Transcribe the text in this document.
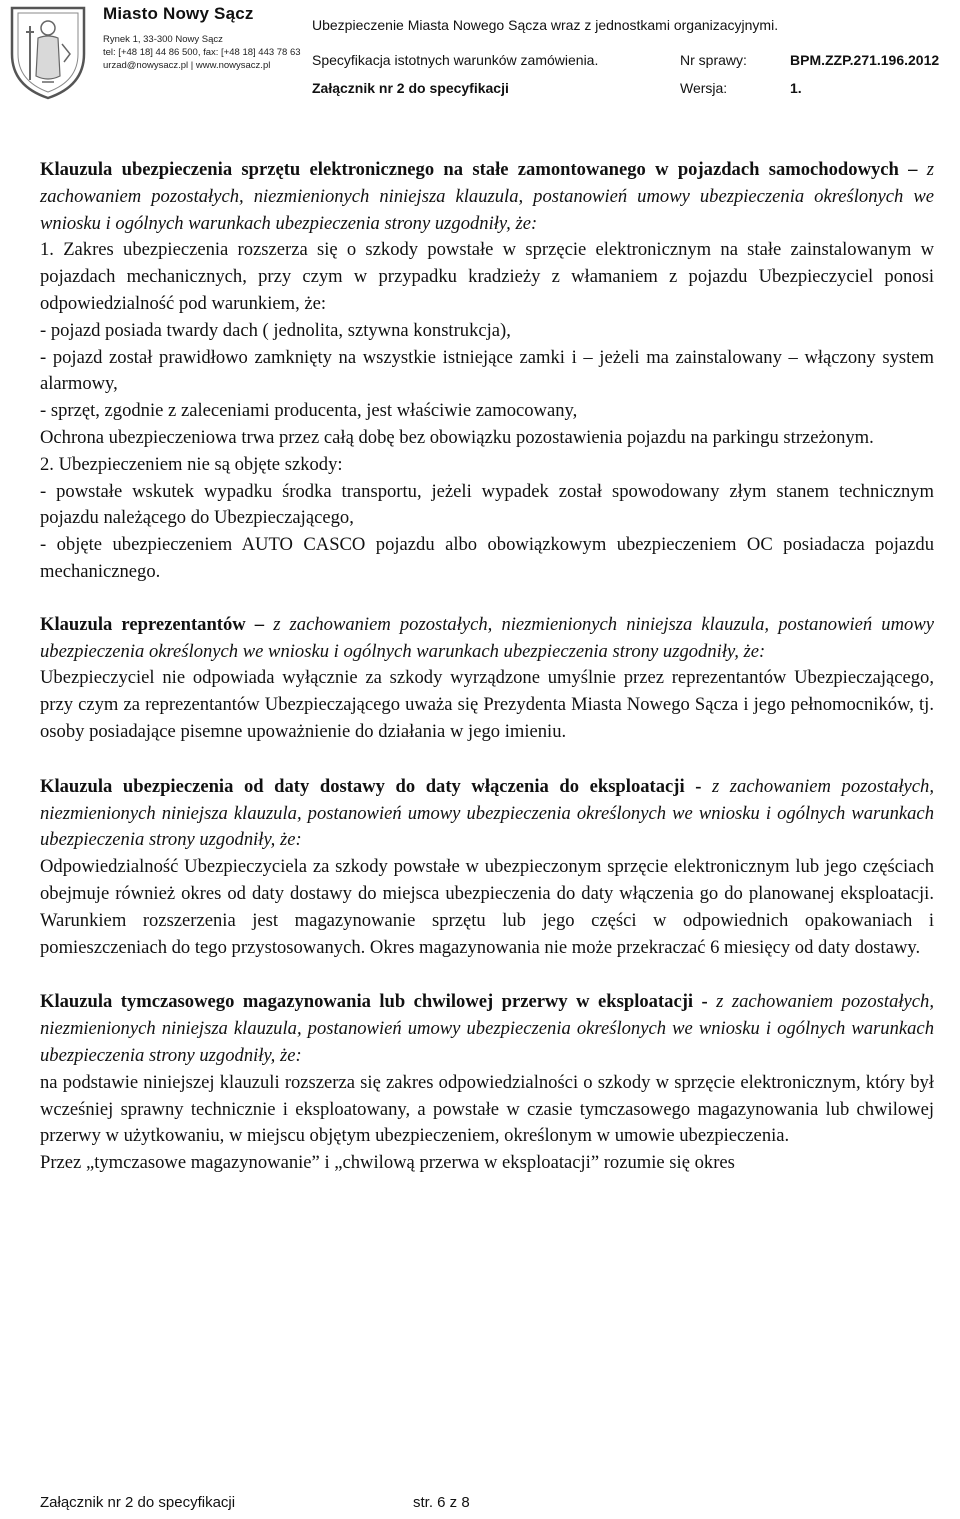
Miasto Nowy Sącz
Rynek 1, 33-300 Nowy Sącz
tel: [+48 18] 44 86 500, fax: [+48 18] 443 78 63
urzad@nowysacz.pl | www.nowysacz.pl
Ubezpieczenie Miasta Nowego Sącza wraz z jednostkami organizacyjnymi.
Specyfikacja istotnych warunków zamówienia.	Nr sprawy:	BPM.ZZP.271.196.2012
Załącznik nr 2 do specyfikacji	Wersja:	1.

Klauzula ubezpieczenia sprzętu elektronicznego na stałe zamontowanego w pojazdach samochodowych – z zachowaniem pozostałych, niezmienionych niniejsza klauzula, postanowień umowy ubezpieczenia określonych we wniosku i ogólnych warunkach ubezpieczenia strony uzgodniły, że:

1. Zakres ubezpieczenia rozszerza się o szkody powstałe w sprzęcie elektronicznym na stałe zainstalowanym w pojazdach mechanicznych, przy czym w przypadku kradzieży z włamaniem z pojazdu Ubezpieczyciel ponosi odpowiedzialność pod warunkiem, że:

- pojazd posiada twardy dach ( jednolita, sztywna konstrukcja),

- pojazd został prawidłowo zamknięty na wszystkie istniejące zamki i – jeżeli ma zainstalowany – włączony system alarmowy,

- sprzęt, zgodnie z zaleceniami producenta, jest właściwie zamocowany,

Ochrona ubezpieczeniowa trwa przez całą dobę bez obowiązku pozostawienia pojazdu na parkingu strzeżonym.

2. Ubezpieczeniem nie są objęte szkody:

- powstałe wskutek wypadku środka transportu, jeżeli wypadek został spowodowany złym stanem technicznym pojazdu należącego do Ubezpieczającego,

- objęte ubezpieczeniem AUTO CASCO pojazdu albo obowiązkowym ubezpieczeniem OC posiadacza pojazdu mechanicznego.

Klauzula reprezentantów – z zachowaniem pozostałych, niezmienionych niniejsza klauzula, postanowień umowy ubezpieczenia określonych we wniosku i ogólnych warunkach ubezpieczenia strony uzgodniły, że:

Ubezpieczyciel nie odpowiada wyłącznie za szkody wyrządzone umyślnie przez reprezentantów Ubezpieczającego, przy czym za reprezentantów Ubezpieczającego uważa się Prezydenta Miasta Nowego Sącza i jego pełnomocników, tj. osoby posiadające pisemne upoważnienie do działania w jego imieniu.

Klauzula ubezpieczenia od daty dostawy do daty włączenia do eksploatacji - z zachowaniem pozostałych, niezmienionych niniejsza klauzula, postanowień umowy ubezpieczenia określonych we wniosku i ogólnych warunkach ubezpieczenia strony uzgodniły, że:

Odpowiedzialność Ubezpieczyciela za szkody powstałe w ubezpieczonym sprzęcie elektronicznym lub jego częściach obejmuje również okres od daty dostawy do miejsca ubezpieczenia do daty włączenia go do planowanej eksploatacji. Warunkiem rozszerzenia jest magazynowanie sprzętu lub jego części w odpowiednich opakowaniach i pomieszczeniach do tego przystosowanych. Okres magazynowania nie może przekraczać 6 miesięcy od daty dostawy.

Klauzula tymczasowego magazynowania lub chwilowej przerwy w eksploatacji - z zachowaniem pozostałych, niezmienionych niniejsza klauzula, postanowień umowy ubezpieczenia określonych we wniosku i ogólnych warunkach ubezpieczenia strony uzgodniły, że:

na podstawie niniejszej klauzuli rozszerza się zakres odpowiedzialności o szkody w sprzęcie elektronicznym, który był wcześniej sprawny technicznie i eksploatowany, a powstałe w czasie tymczasowego magazynowania lub chwilowej przerwy w użytkowaniu, w miejscu objętym ubezpieczeniem, określonym w umowie ubezpieczenia.

Przez „tymczasowe magazynowanie” i „chwilową przerwa w eksploatacji” rozumie się okres

Załącznik nr 2 do specyfikacji	str. 6 z 8
